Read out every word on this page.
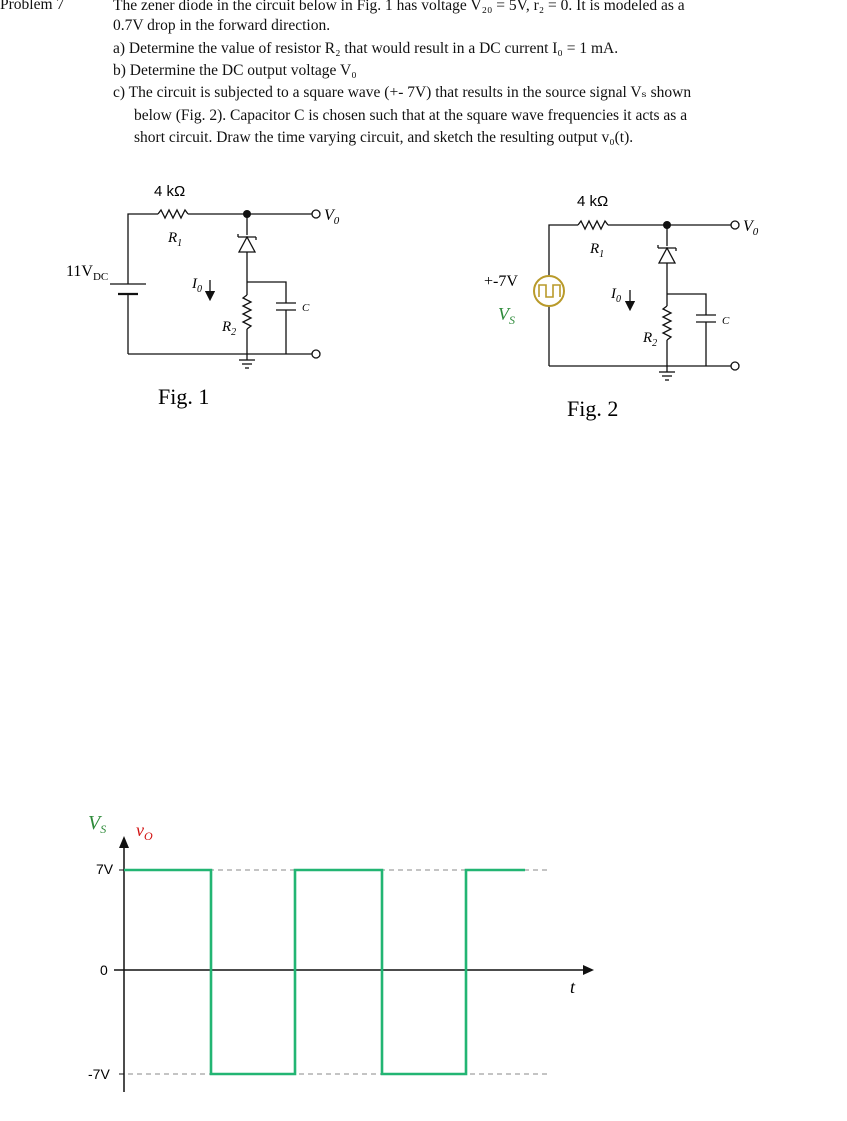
Problem 7	The zener diode in the circuit below in Fig. 1 has voltage V₂₀ = 5V, r₂ = 0. It is modeled as a
0.7V drop in the forward direction.
a) Determine the value of resistor R₂ that would result in a DC current I₀ = 1 mA.
b) Determine the DC output voltage V₀
c) The circuit is subjected to a square wave (+- 7V) that results in the source signal Vₛ shown
below (Fig. 2). Capacitor C is chosen such that at the square wave frequencies it acts as a
short circuit. Draw the time varying circuit, and sketch the resulting output v₀(t).
4 kΩ
$R_1$
$11V_{DC}$	$I_0$
$R_2$
C
$V_0$
Fig. 1
4 kΩ
$R_1$
+-7V
$V_S$
$I_0$
$R_2$
C
$V_0$
Fig. 2
$V_S$ $v_O$
7V
0
-7V
t
